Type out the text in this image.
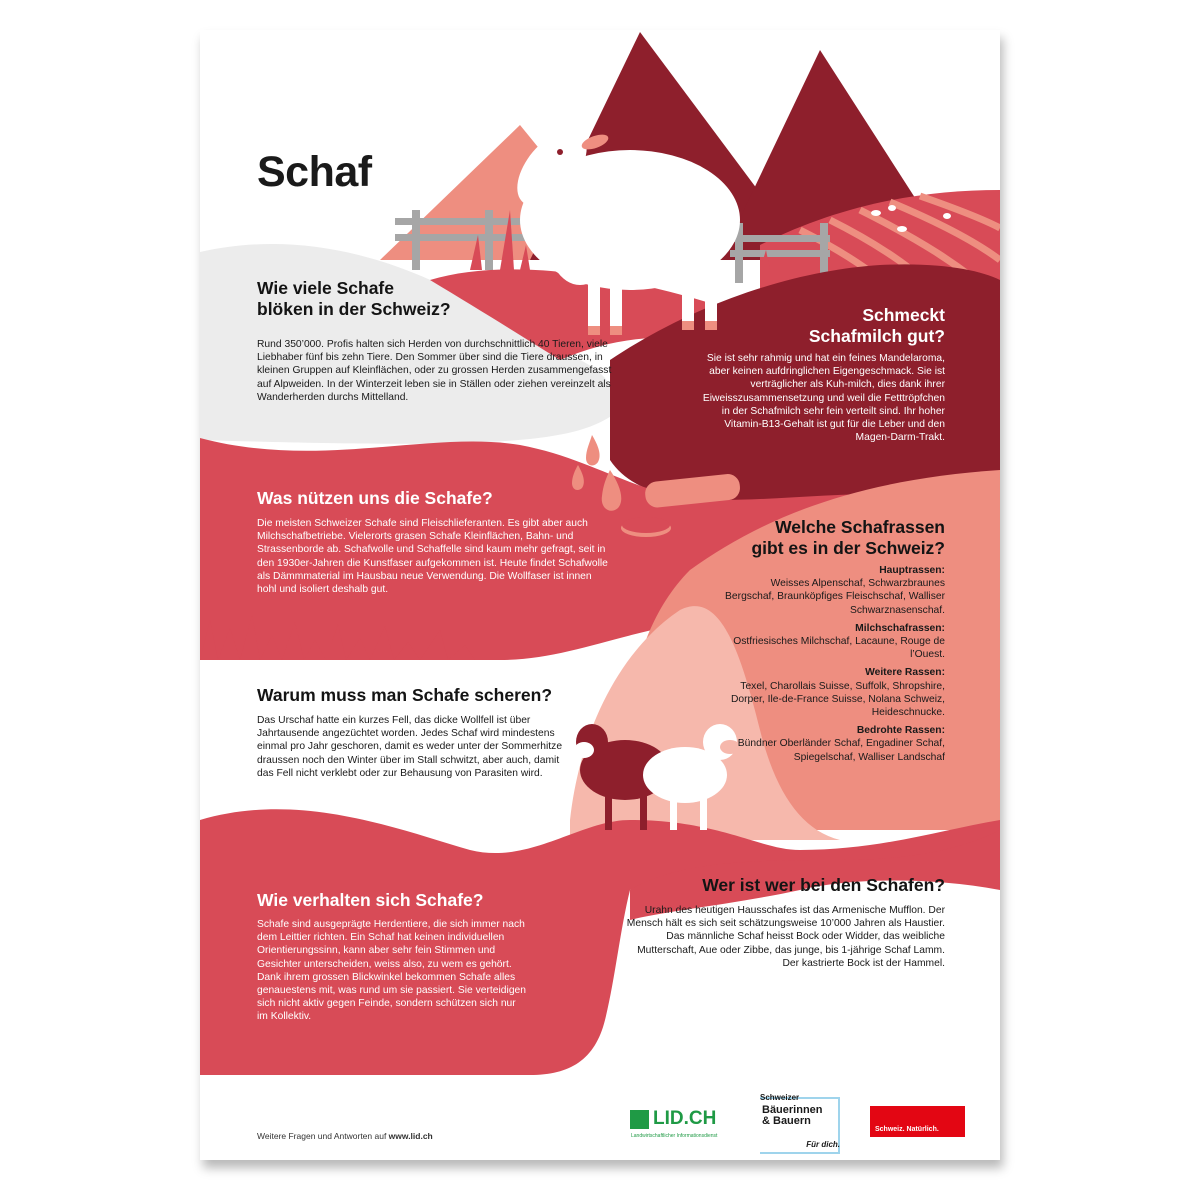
Schaf

Wie viele Schafe

blöken in der Schweiz?

Rund 350’000. Profis halten sich Herden von durchschnittlich 40 Tieren, viele Liebhaber fünf bis zehn Tiere. Den Sommer über sind die Tiere draussen, in kleinen Gruppen auf Kleinflächen, oder zu grossen Herden zusammengefasst auf Alpweiden. In der Winterzeit leben sie in Ställen oder ziehen vereinzelt als Wanderherden durchs Mittelland.

Schmeckt

Schafmilch gut?

Sie ist sehr rahmig und hat ein feines Mandelaroma, aber keinen aufdringlichen Eigengeschmack. Sie ist verträglicher als Kuh-milch, dies dank ihrer Eiweisszusammensetzung und weil die Fetttröpfchen in der Schafmilch sehr fein verteilt sind. Ihr hoher Vitamin-B13-Gehalt ist gut für die Leber und den Magen-Darm-Trakt.

Was nützen uns die Schafe?

Die meisten Schweizer Schafe sind Fleischlieferanten. Es gibt aber auch Milchschafbetriebe. Vielerorts grasen Schafe Kleinflächen, Bahn- und Strassenborde ab. Schafwolle und Schaffelle sind kaum mehr gefragt, seit in den 1930er-Jahren die Kunstfaser aufgekommen ist. Heute findet Schafwolle als Dämmmaterial im Hausbau neue Verwendung. Die Wollfaser ist innen hohl und isoliert deshalb gut.

Welche Schafrassen

gibt es in der Schweiz?

Hauptrassen:

Weisses Alpenschaf, Schwarzbraunes Bergschaf, Braunköpfiges Fleischschaf, Walliser Schwarznasenschaf.

Milchschafrassen:

Ostfriesisches Milchschaf, Lacaune, Rouge de l’Ouest.

Weitere Rassen:

Texel, Charollais Suisse, Suffolk, Shropshire, Dorper, Ile-de-France Suisse, Nolana Schweiz, Heideschnucke.

Bedrohte Rassen:

Bündner Oberländer Schaf, Engadiner Schaf, Spiegelschaf, Walliser Landschaf

Warum muss man Schafe scheren?

Das Urschaf hatte ein kurzes Fell, das dicke Wollfell ist über Jahrtausende angezüchtet worden. Jedes Schaf wird mindestens einmal pro Jahr geschoren, damit es weder unter der Sommerhitze draussen noch den Winter über im Stall schwitzt, aber auch, damit das Fell nicht verklebt oder zur Behausung von Parasiten wird.

Wie verhalten sich Schafe?

Schafe sind ausgeprägte Herdentiere, die sich immer nach dem Leittier richten. Ein Schaf hat keinen individuellen Orientierungssinn, kann aber sehr fein Stimmen und Gesichter unterscheiden, weiss also, zu wem es gehört. Dank ihrem grossen Blickwinkel bekommen Schafe alles genauestens mit, was rund um sie passiert. Sie verteidigen sich nicht aktiv gegen Feinde, sondern schützen sich nur im Kollektiv.

Wer ist wer bei den Schafen?

Urahn des heutigen Hausschafes ist das Armenische Mufflon. Der Mensch hält es sich seit schätzungsweise 10’000 Jahren als Haustier. Das männliche Schaf heisst Bock oder Widder, das weibliche Mutterschaft, Aue oder Zibbe, das junge, bis 1-jährige Schaf Lamm. Der kastrierte Bock ist der Hammel.

Weitere Fragen und Antworten auf www.lid.ch
LID.CH
Landwirtschaftlicher Informationsdienst
Schweizer
Bäuerinnen
& Bauern
Für dich.
Schweiz. Natürlich.
